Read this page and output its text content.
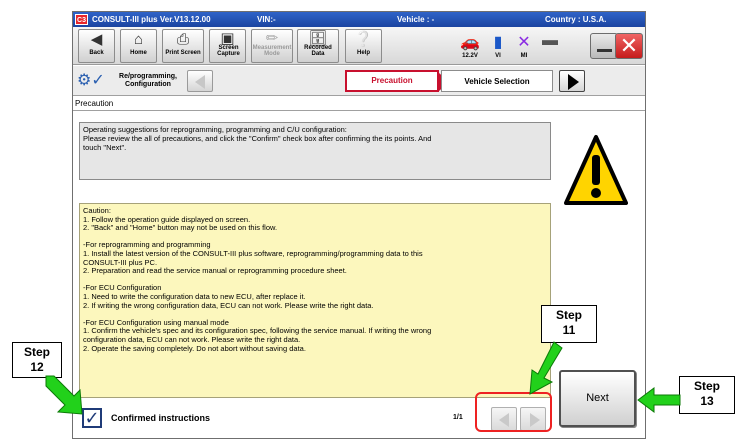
C3 CONSULT-III plus Ver.V13.12.00	VIN:-	Vehicle : -	Country : U.S.A.
◀
Back
⌂
Home
⎙
Print Screen
▣
Screen Capture
✏
Measurement Mode
🗄
Recorded Data
❔
Help
🚗
12.2V
▮
VI
✕
MI
▬	✕
⚙✓	Re/programming, Configuration	Precaution	Vehicle Selection
Precaution
Operating suggestions for reprogramming, programming and C/U configuration:
Please review the all of precautions, and click the "Confirm" check box after confirming the its points. And
touch "Next".
Caution:
1. Follow the operation guide displayed on screen.
2. "Back" and "Home" button may not be used on this flow.
-For reprogramming and programming
1. Install the latest version of the CONSULT-III plus software, reprogramming/programming data to this
CONSULT-III plus PC.
2. Preparation and read the service manual or reprogramming procedure sheet.
-For ECU Configuration
1. Need to write the configuration data to new ECU, after replace it.
2. If writing the wrong configuration data, ECU can not work. Please write the right data.
-For ECU Configuration using manual mode
1. Confirm the vehicle's spec and its configuration spec, following the service manual. If writing the wrong
configuration data, ECU can not work. Please write the right data.
2. Operate the saving completely. Do not abort without saving data.
✓ Confirmed instructions	1/1
Next
Step
12
Step
11
Step
13
